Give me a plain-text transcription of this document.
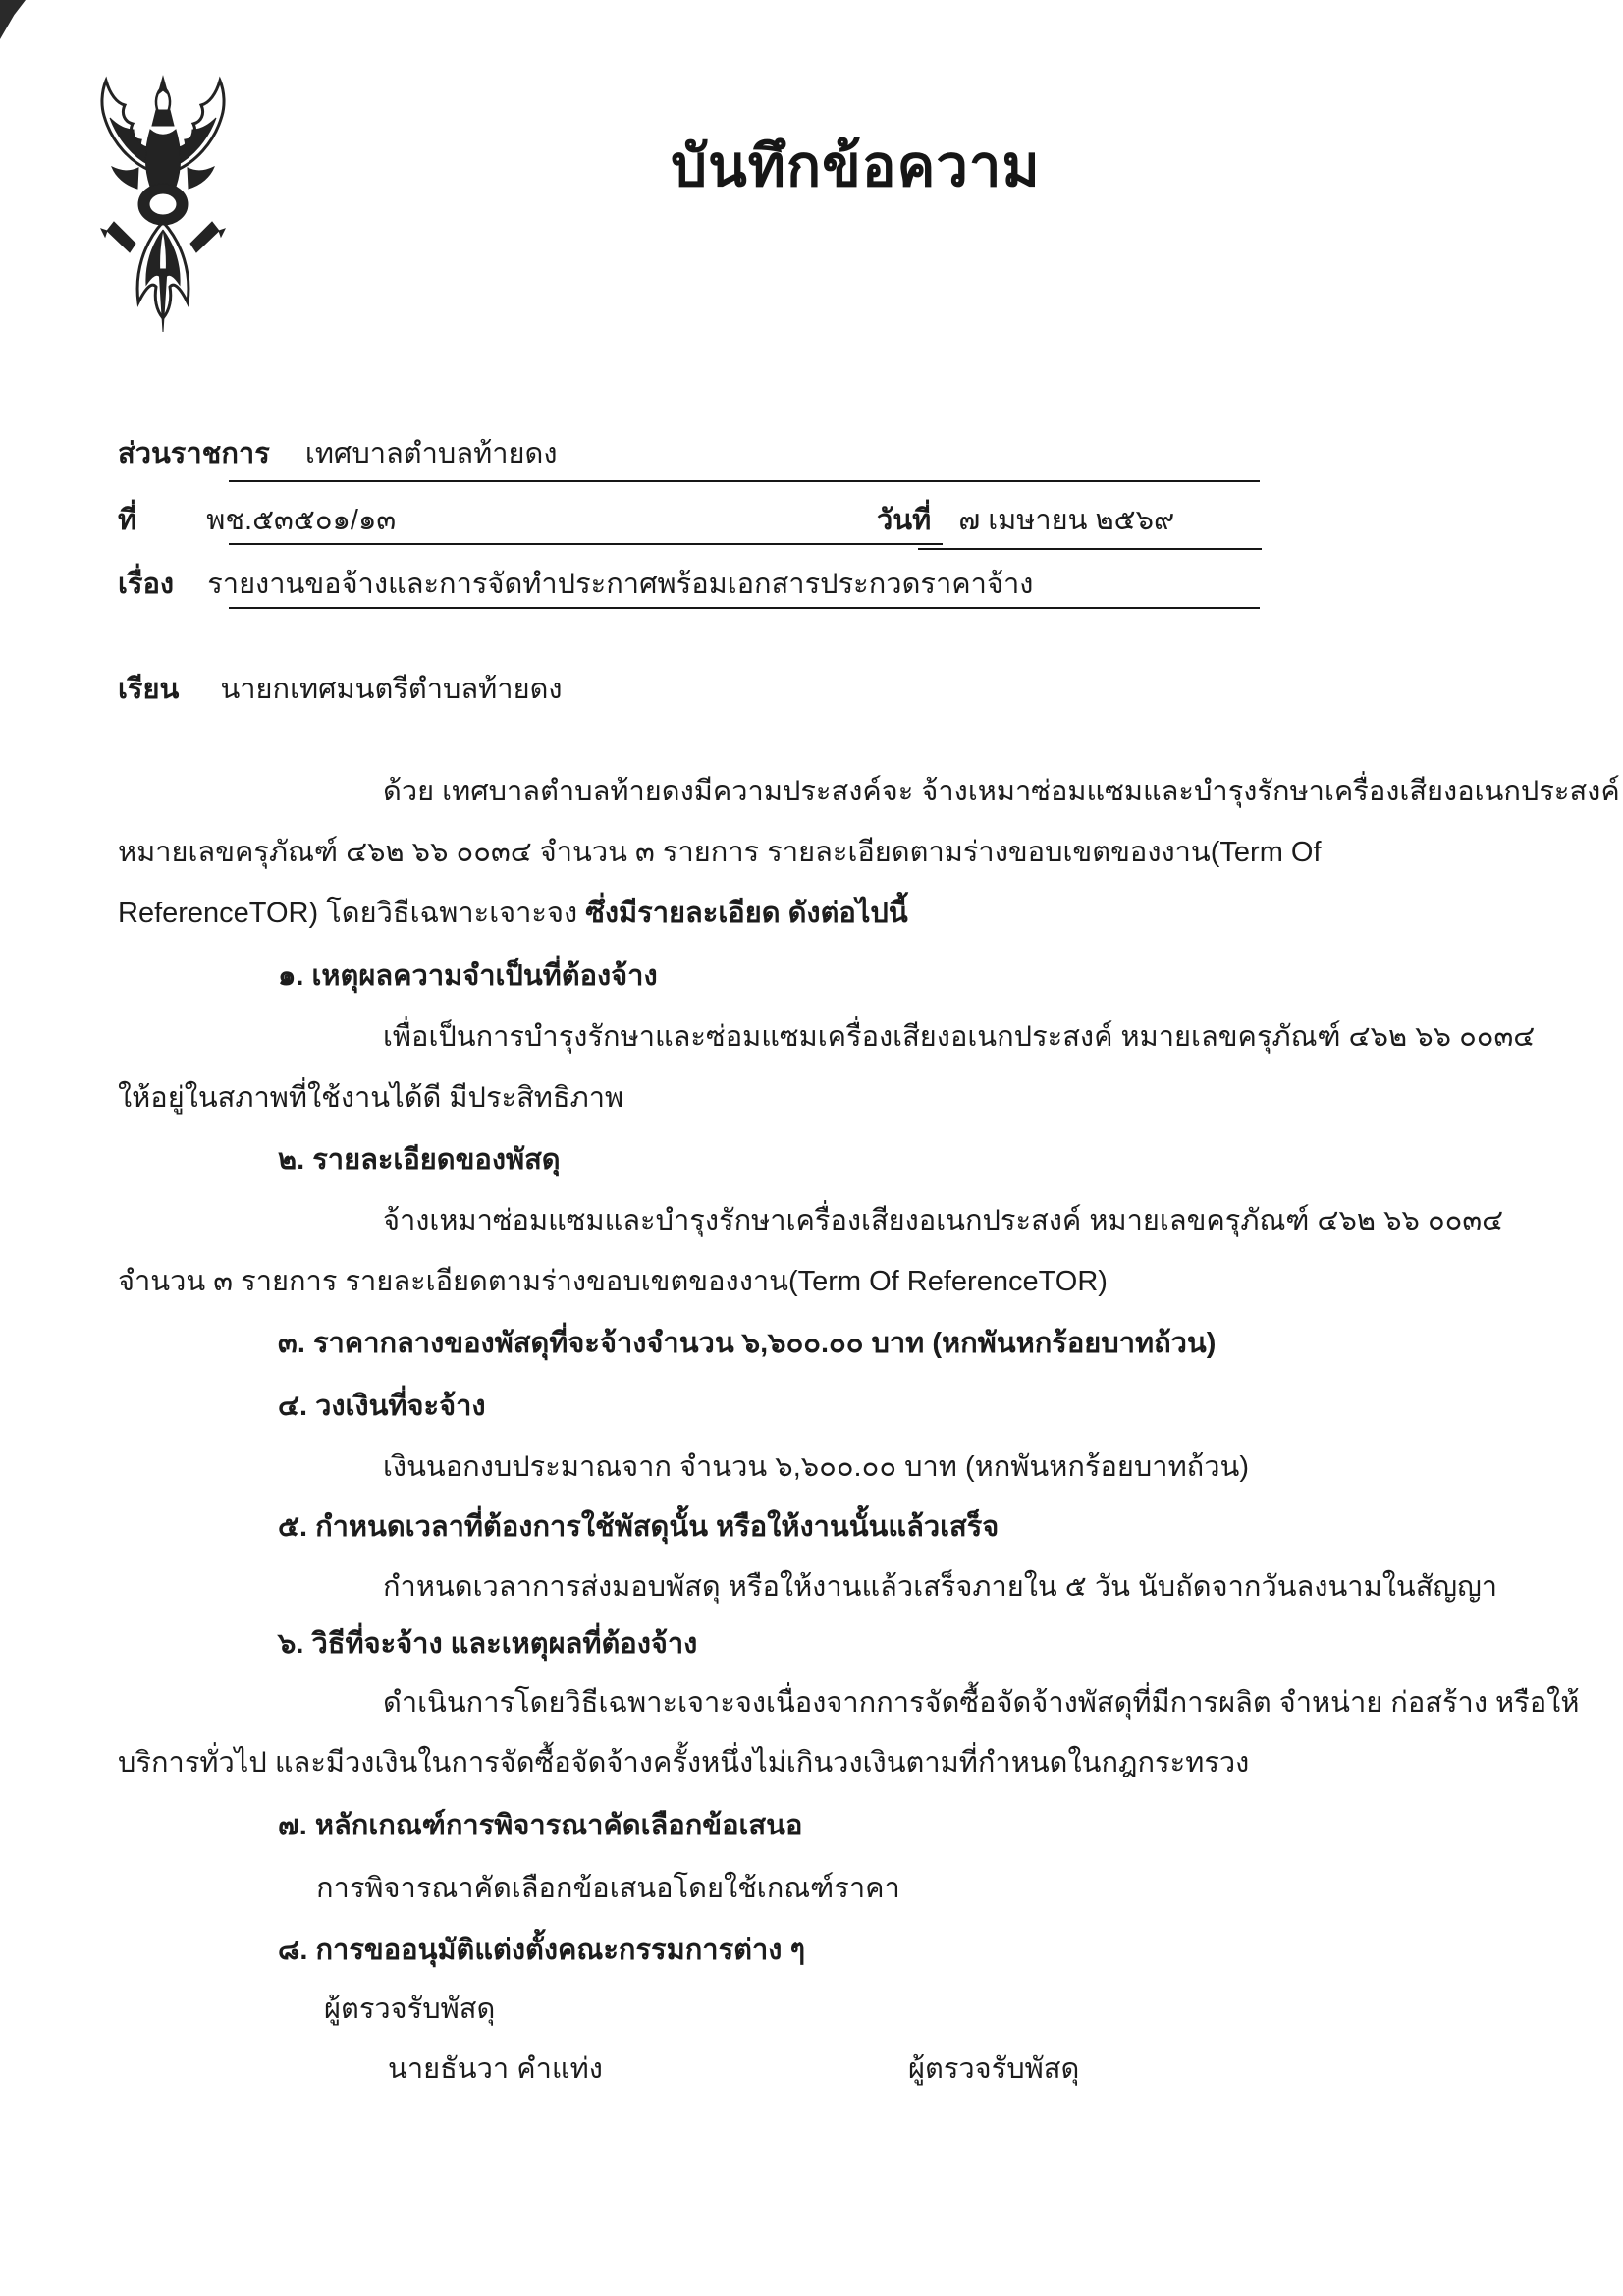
บันทึกข้อความ
ส่วนราชการ เทศบาลตำบลท้ายดง
ที่ พช.๕๓๕๐๑/๑๓	วันที่ ๗ เมษายน ๒๕๖๙
เรื่อง รายงานขอจ้างและการจัดทำประกาศพร้อมเอกสารประกวดราคาจ้าง
เรียน นายกเทศมนตรีตำบลท้ายดง
ด้วย เทศบาลตำบลท้ายดงมีความประสงค์จะ จ้างเหมาซ่อมแซมและบำรุงรักษาเครื่องเสียงอเนกประสงค์
หมายเลขครุภัณฑ์ ๔๖๒ ๖๖ ๐๐๓๔ จำนวน ๓ รายการ รายละเอียดตามร่างขอบเขตของงาน(Term Of
ReferenceTOR) โดยวิธีเฉพาะเจาะจง ซึ่งมีรายละเอียด ดังต่อไปนี้
๑. เหตุผลความจำเป็นที่ต้องจ้าง
เพื่อเป็นการบำรุงรักษาและซ่อมแซมเครื่องเสียงอเนกประสงค์ หมายเลขครุภัณฑ์ ๔๖๒ ๖๖ ๐๐๓๔
ให้อยู่ในสภาพที่ใช้งานได้ดี มีประสิทธิภาพ
๒. รายละเอียดของพัสดุ
จ้างเหมาซ่อมแซมและบำรุงรักษาเครื่องเสียงอเนกประสงค์ หมายเลขครุภัณฑ์ ๔๖๒ ๖๖ ๐๐๓๔
จำนวน ๓ รายการ รายละเอียดตามร่างขอบเขตของงาน(Term Of ReferenceTOR)
๓. ราคากลางของพัสดุที่จะจ้างจำนวน ๖,๖๐๐.๐๐ บาท (หกพันหกร้อยบาทถ้วน)
๔. วงเงินที่จะจ้าง
เงินนอกงบประมาณจาก จำนวน ๖,๖๐๐.๐๐ บาท (หกพันหกร้อยบาทถ้วน)
๕. กำหนดเวลาที่ต้องการใช้พัสดุนั้น หรือให้งานนั้นแล้วเสร็จ
กำหนดเวลาการส่งมอบพัสดุ หรือให้งานแล้วเสร็จภายใน ๕ วัน นับถัดจากวันลงนามในสัญญา
๖. วิธีที่จะจ้าง และเหตุผลที่ต้องจ้าง
ดำเนินการโดยวิธีเฉพาะเจาะจงเนื่องจากการจัดซื้อจัดจ้างพัสดุที่มีการผลิต จำหน่าย ก่อสร้าง หรือให้
บริการทั่วไป และมีวงเงินในการจัดซื้อจัดจ้างครั้งหนึ่งไม่เกินวงเงินตามที่กำหนดในกฎกระทรวง
๗. หลักเกณฑ์การพิจารณาคัดเลือกข้อเสนอ
การพิจารณาคัดเลือกข้อเสนอโดยใช้เกณฑ์ราคา
๘. การขออนุมัติแต่งตั้งคณะกรรมการต่าง ๆ
ผู้ตรวจรับพัสดุ
นายธันวา คำแท่ง	ผู้ตรวจรับพัสดุ
